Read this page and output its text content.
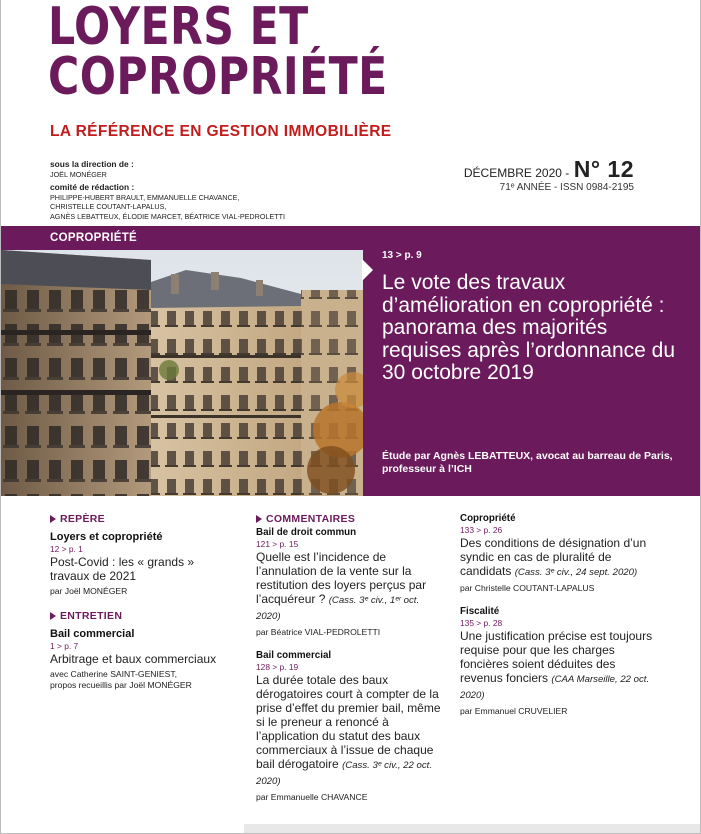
LOYERS ET
COPROPRIÉTÉ
LA RÉFÉRENCE EN GESTION IMMOBILIÈRE
sous la direction de :
JOËL MONÉGER
comité de rédaction :
PHILIPPE-HUBERT BRAULT, EMMANUELLE CHAVANCE,
CHRISTELLE COUTANT-LAPALUS,
AGNÈS LEBATTEUX, ÉLODIE MARCET, BÉATRICE VIAL-PEDROLETTI
DÉCEMBRE 2020 - N° 12
71ᵉ ANNÉE - ISSN 0984-2195
COPROPRIÉTÉ
13 > p. 9
Le vote des travaux d’amélioration en copropriété : panorama des majorités requises après l’ordonnance du 30 octobre 2019
Étude par Agnès LEBATTEUX, avocat au barreau de Paris, professeur à l’ICH
REPÈRE
Loyers et copropriété
12 > p. 1
Post-Covid : les « grands » travaux de 2021
par Joël MONÉGER
ENTRETIEN
Bail commercial
1 > p. 7
Arbitrage et baux commerciaux
avec Catherine SAINT-GENIEST,
propos recueillis par Joël MONÉGER
COMMENTAIRES
Bail de droit commun
121 > p. 15
Quelle est l’incidence de l’annulation de la vente sur la restitution des loyers perçus par l’acquéreur ? (Cass. 3ᵉ civ., 1ᵉʳ oct. 2020)
par Béatrice VIAL-PEDROLETTI
Bail commercial
128 > p. 19
La durée totale des baux dérogatoires court à compter de la prise d’effet du premier bail, même si le preneur a renoncé à l’application du statut des baux commerciaux à l’issue de chaque bail dérogatoire (Cass. 3ᵉ civ., 22 oct. 2020)
par Emmanuelle CHAVANCE
Copropriété
133 > p. 26
Des conditions de désignation d’un syndic en cas de pluralité de candidats (Cass. 3ᵉ civ., 24 sept. 2020)
par Christelle COUTANT-LAPALUS
Fiscalité
135 > p. 28
Une justification précise est toujours requise pour que les charges foncières soient déduites des revenus fonciers (CAA Marseille, 22 oct. 2020)
par Emmanuel CRUVELIER
